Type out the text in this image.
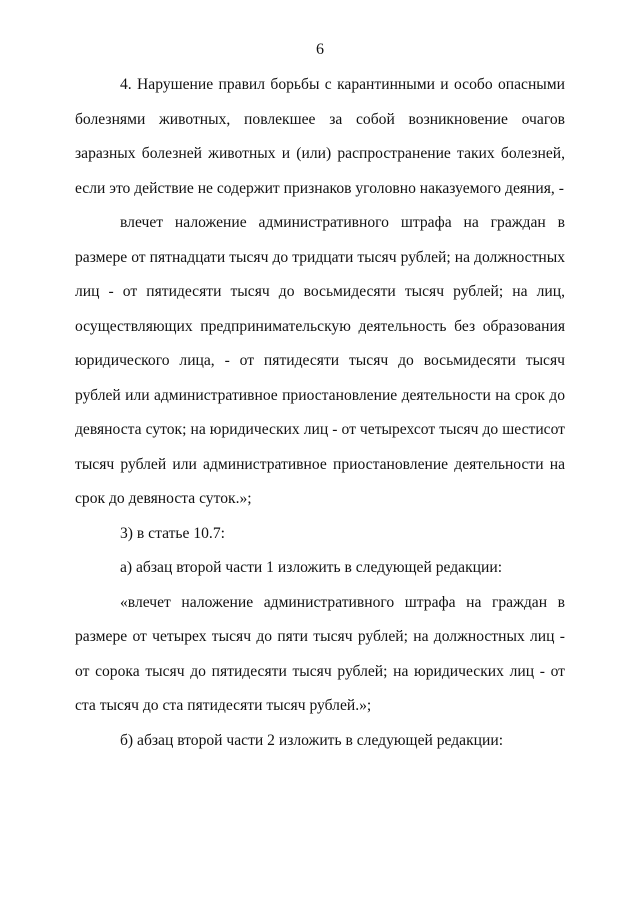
6

4. Нарушение правил борьбы с карантинными и особо опасными болезнями животных, повлекшее за собой возникновение очагов заразных болезней животных и (или) распространение таких болезней, если это действие не содержит признаков уголовно наказуемого деяния, -

влечет наложение административного штрафа на граждан в размере от пятнадцати тысяч до тридцати тысяч рублей; на должностных лиц - от пятидесяти тысяч до восьмидесяти тысяч рублей; на лиц, осуществляющих предпринимательскую деятельность без образования юридического лица, - от пятидесяти тысяч до восьмидесяти тысяч рублей или административное приостановление деятельности на срок до девяноста суток; на юридических лиц - от четырехсот тысяч до шестисот тысяч рублей или административное приостановление деятельности на срок до девяноста суток.»;

3) в статье 10.7:

а) абзац второй части 1 изложить в следующей редакции:

«влечет наложение административного штрафа на граждан в размере от четырех тысяч до пяти тысяч рублей; на должностных лиц - от сорока тысяч до пятидесяти тысяч рублей; на юридических лиц - от ста тысяч до ста пятидесяти тысяч рублей.»;

б) абзац второй части 2 изложить в следующей редакции:
